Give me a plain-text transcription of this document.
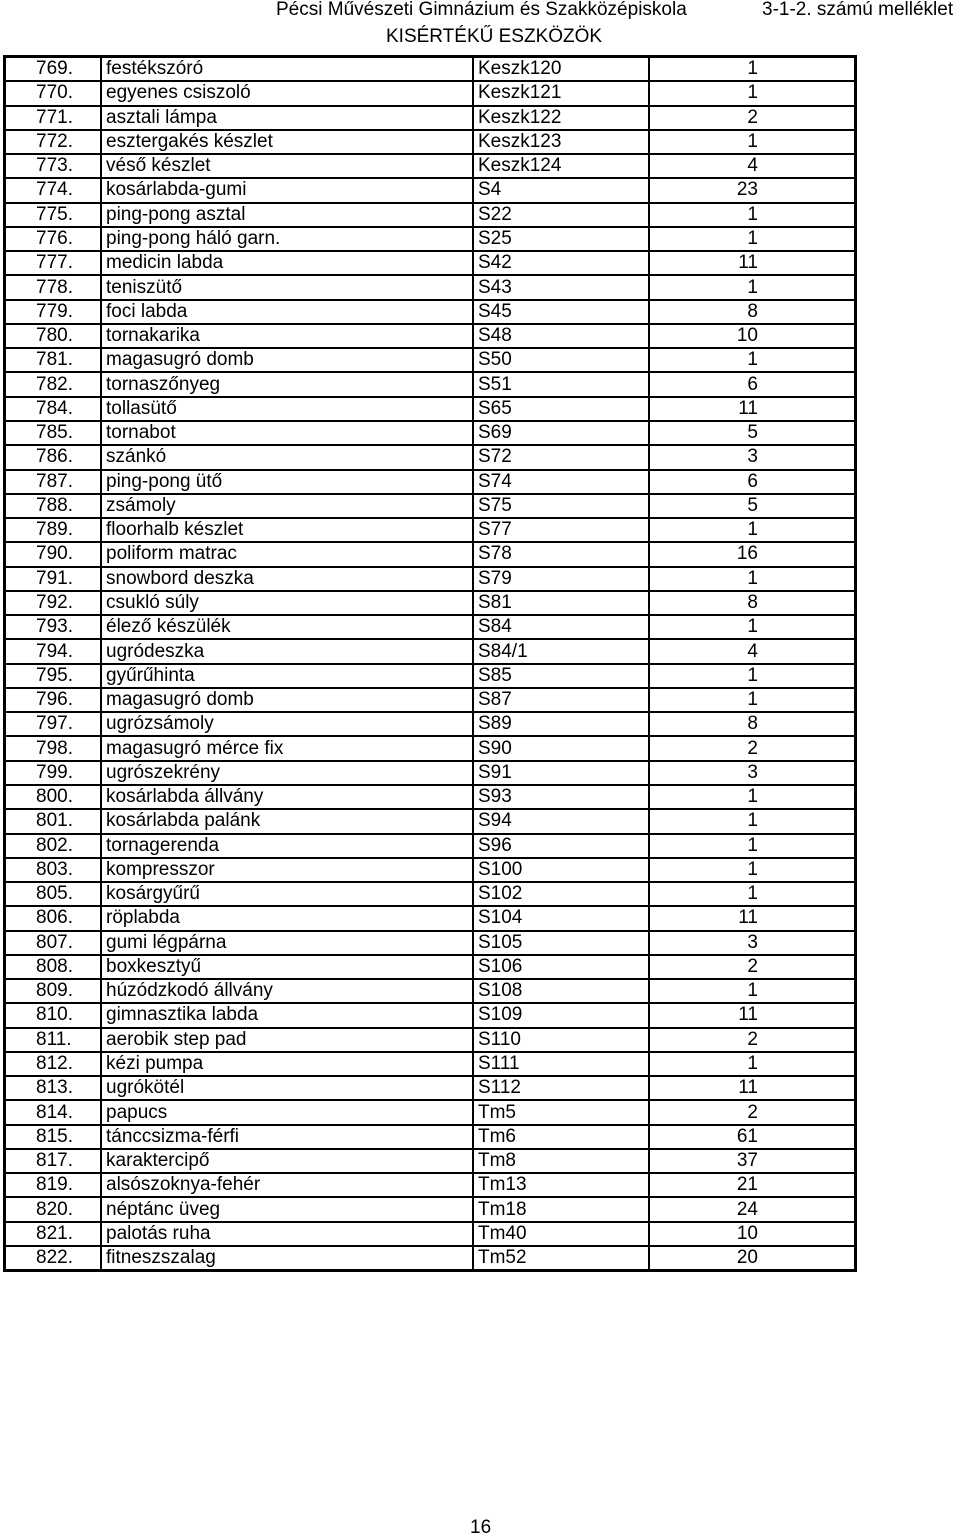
Pécsi Művészeti Gimnázium és Szakközépiskola
KISÉRTÉKŰ ESZKÖZÖK
3-1-2. számú melléklet
769.	festékszóró	Keszk120	1
770.	egyenes csiszoló	Keszk121	1
771.	asztali lámpa	Keszk122	2
772.	esztergakés készlet	Keszk123	1
773.	véső készlet	Keszk124	4
774.	kosárlabda-gumi	S4	23
775.	ping-pong asztal	S22	1
776.	ping-pong háló garn.	S25	1
777.	medicin labda	S42	11
778.	teniszütő	S43	1
779.	foci labda	S45	8
780.	tornakarika	S48	10
781.	magasugró domb	S50	1
782.	tornaszőnyeg	S51	6
784.	tollasütő	S65	11
785.	tornabot	S69	5
786.	szánkó	S72	3
787.	ping-pong ütő	S74	6
788.	zsámoly	S75	5
789.	floorhalb készlet	S77	1
790.	poliform matrac	S78	16
791.	snowbord deszka	S79	1
792.	csukló súly	S81	8
793.	élező készülék	S84	1
794.	ugródeszka	S84/1	4
795.	gyűrűhinta	S85	1
796.	magasugró domb	S87	1
797.	ugrózsámoly	S89	8
798.	magasugró mérce fix	S90	2
799.	ugrószekrény	S91	3
800.	kosárlabda állvány	S93	1
801.	kosárlabda palánk	S94	1
802.	tornagerenda	S96	1
803.	kompresszor	S100	1
805.	kosárgyűrű	S102	1
806.	röplabda	S104	11
807.	gumi légpárna	S105	3
808.	boxkesztyű	S106	2
809.	húzódzkodó állvány	S108	1
810.	gimnasztika labda	S109	11
811.	aerobik step pad	S110	2
812.	kézi pumpa	S111	1
813.	ugrókötél	S112	11
814.	papucs	Tm5	2
815.	tánccsizma-férfi	Tm6	61
817.	karaktercipő	Tm8	37
819.	alsószoknya-fehér	Tm13	21
820.	néptánc üveg	Tm18	24
821.	palotás ruha	Tm40	10
822.	fitneszszalag	Tm52	20
16
